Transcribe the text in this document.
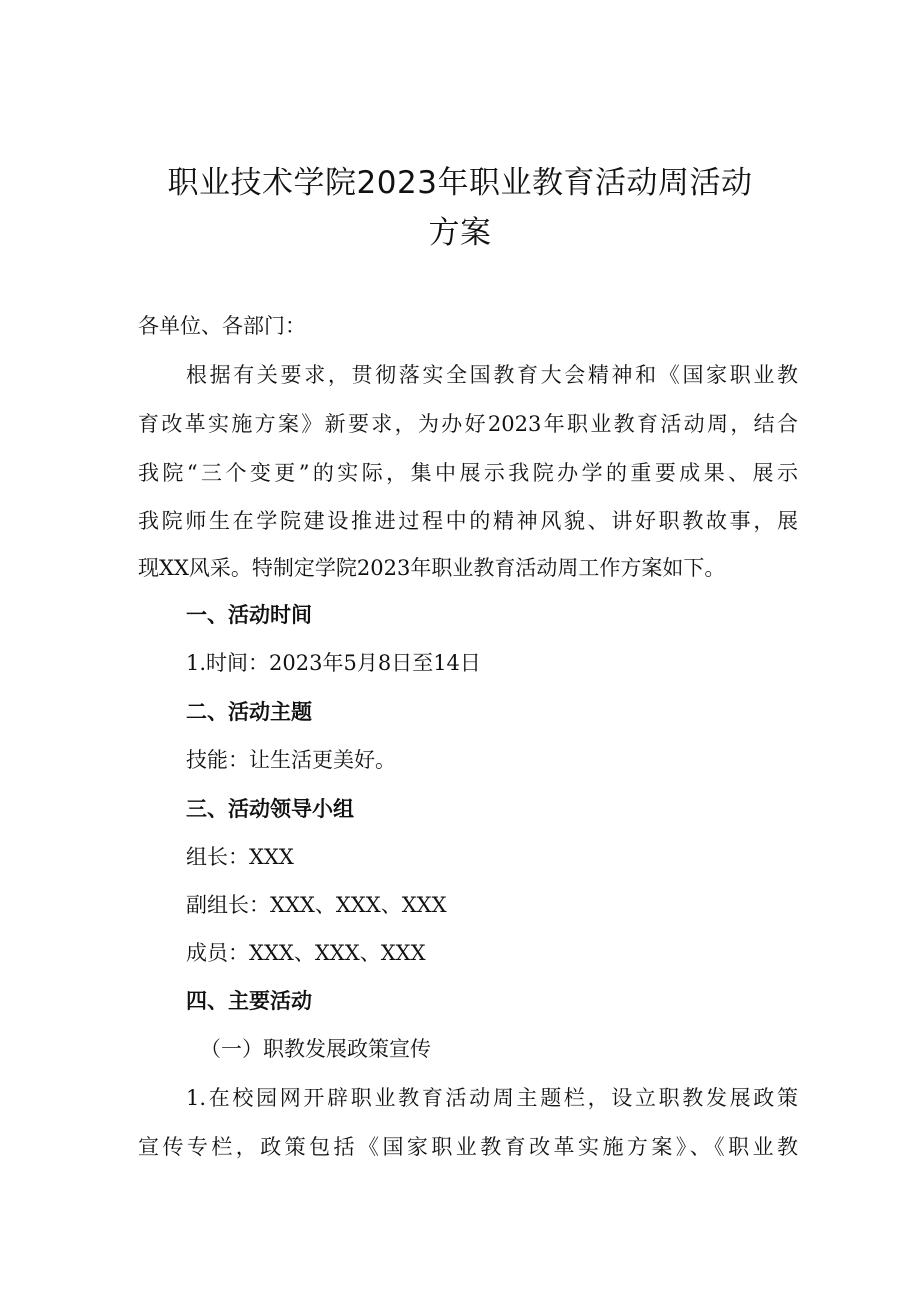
职业技术学院2023年职业教育活动周活动
方案

各单位、各部门：

根据有关要求，贯彻落实全国教育大会精神和《国家职业教

育改革实施方案》新要求，为办好2023年职业教育活动周，结合

我院“三个变更”的实际，集中展示我院办学的重要成果、展示

我院师生在学院建设推进过程中的精神风貌、讲好职教故事，展

现XX风采。特制定学院2023年职业教育活动周工作方案如下。

一、活动时间

1.时间：2023年5月8日至14日

二、活动主题

技能：让生活更美好。

三、活动领导小组

组长：XXX

副组长：XXX、XXX、XXX

成员：XXX、XXX、XXX

四、主要活动

（一）职教发展政策宣传

1.在校园网开辟职业教育活动周主题栏，设立职教发展政策

宣传专栏，政策包括《国家职业教育改革实施方案》、《职业教
